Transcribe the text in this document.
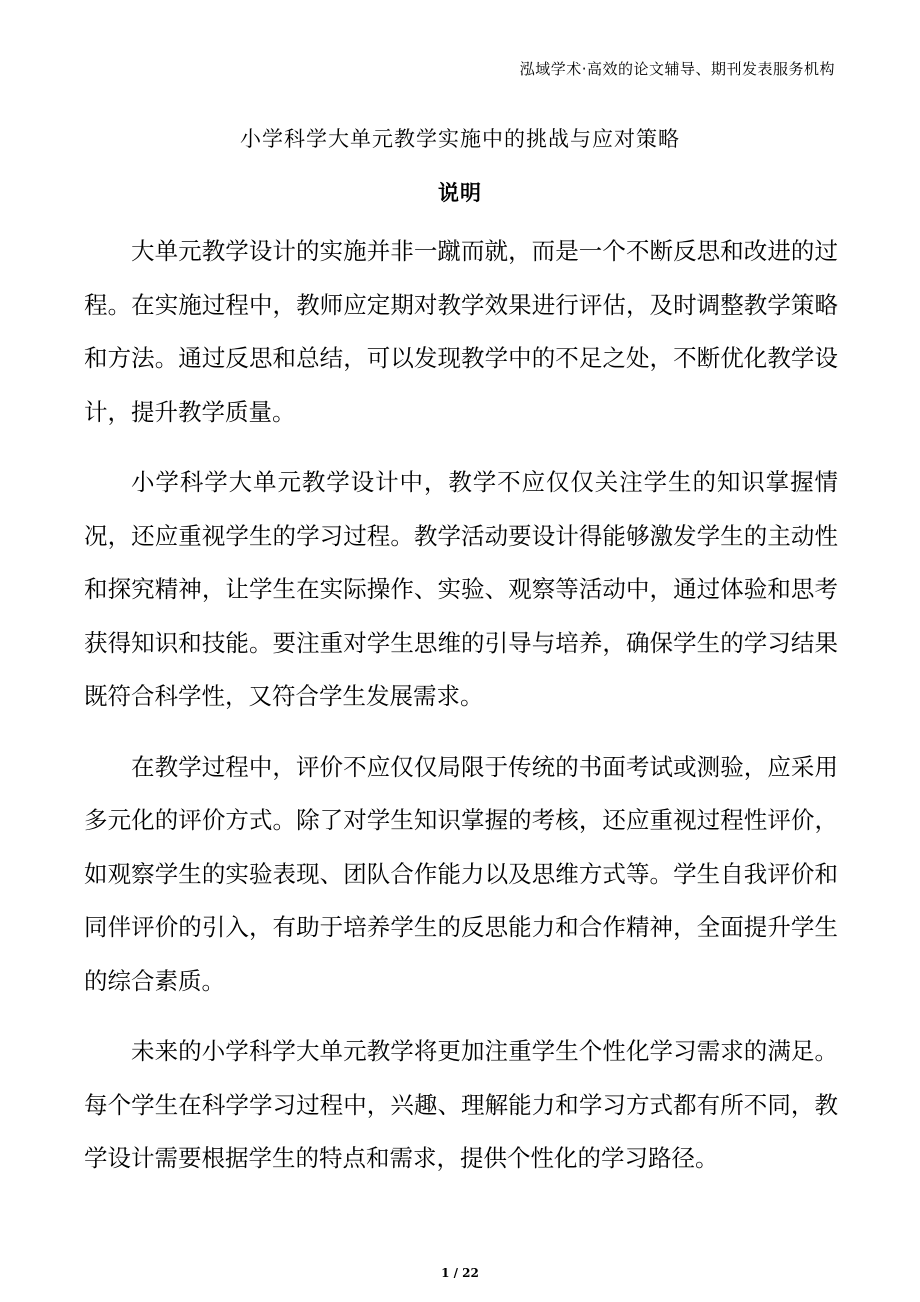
泓域学术·高效的论文辅导、期刊发表服务机构
小学科学大单元教学实施中的挑战与应对策略
说明

大单元教学设计的实施并非一蹴而就，而是一个不断反思和改进的过程。在实施过程中，教师应定期对教学效果进行评估，及时调整教学策略和方法。通过反思和总结，可以发现教学中的不足之处，不断优化教学设计，提升教学质量。

小学科学大单元教学设计中，教学不应仅仅关注学生的知识掌握情况，还应重视学生的学习过程。教学活动要设计得能够激发学生的主动性和探究精神，让学生在实际操作、实验、观察等活动中，通过体验和思考获得知识和技能。要注重对学生思维的引导与培养，确保学生的学习结果既符合科学性，又符合学生发展需求。

在教学过程中，评价不应仅仅局限于传统的书面考试或测验，应采用多元化的评价方式。除了对学生知识掌握的考核，还应重视过程性评价，如观察学生的实验表现、团队合作能力以及思维方式等。学生自我评价和同伴评价的引入，有助于培养学生的反思能力和合作精神，全面提升学生的综合素质。

未来的小学科学大单元教学将更加注重学生个性化学习需求的满足。每个学生在科学学习过程中，兴趣、理解能力和学习方式都有所不同，教学设计需要根据学生的特点和需求，提供个性化的学习路径。

1 / 22
